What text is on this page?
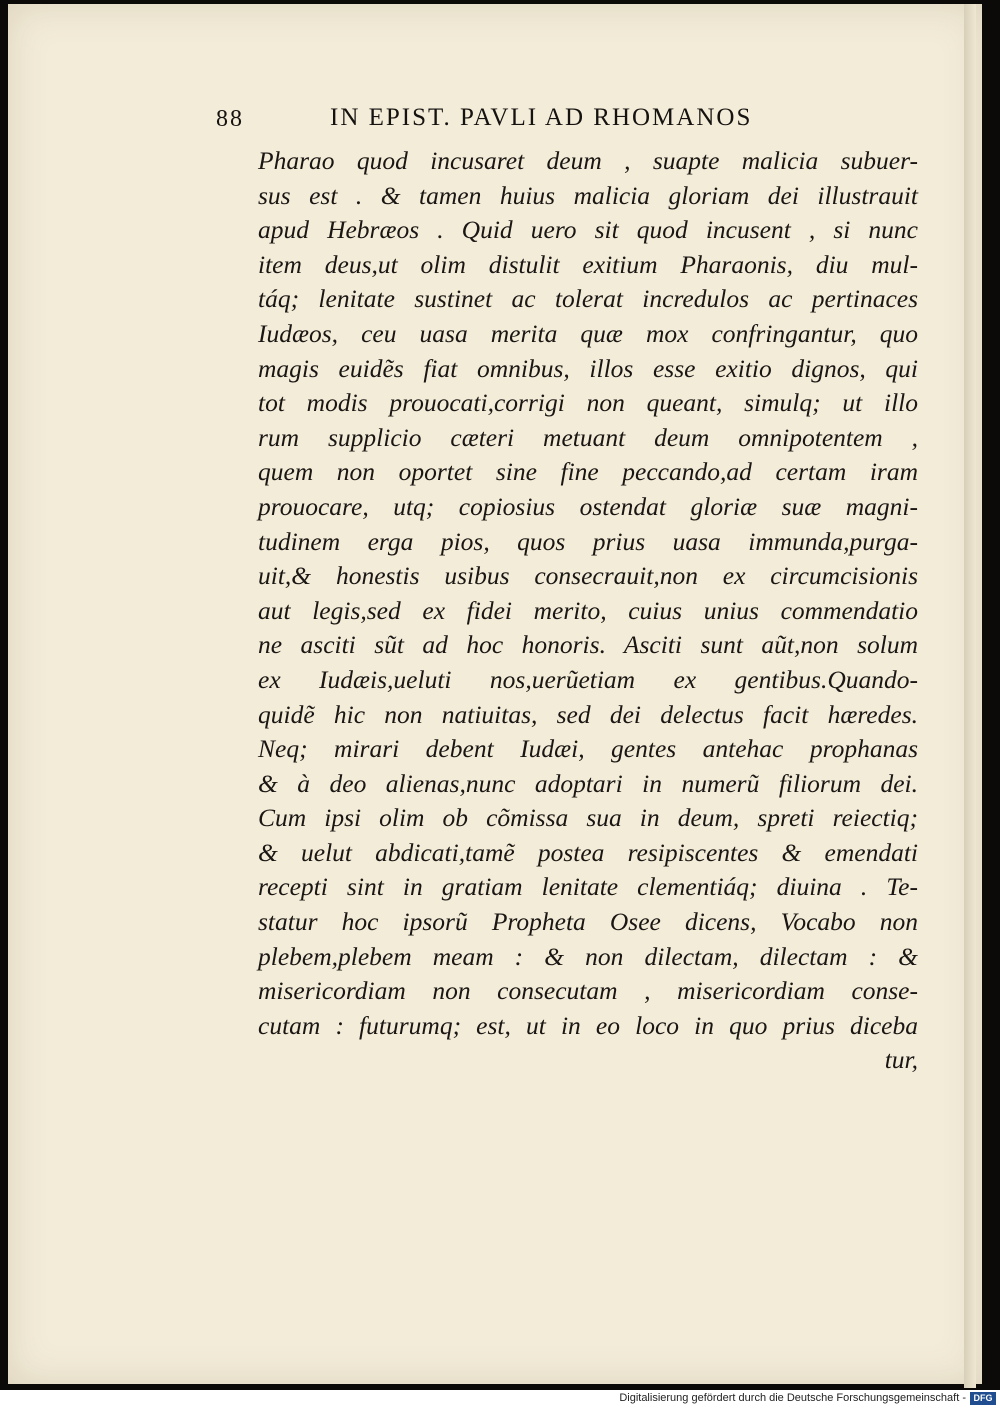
88	IN EPIST. PAVLI AD RHOMANOS
Pharao quod incusaret deum , suapte malicia subuer-
sus est . & tamen huius malicia gloriam dei illustrauit
apud Hebræos . Quid uero sit quod incusent , si nunc
item deus,ut olim distulit exitium Pharaonis, diu mul-
táq; lenitate sustinet ac tolerat incredulos ac pertinaces
Iudæos, ceu uasa merita quæ mox confringantur, quo
magis euidẽs fiat omnibus, illos esse exitio dignos, qui
tot modis prouocati,corrigi non queant, simulq; ut illo
rum supplicio cæteri metuant deum omnipotentem ,
quem non oportet sine fine peccando,ad certam iram
prouocare, utq; copiosius ostendat gloriæ suæ magni-
tudinem erga pios, quos prius uasa immunda,purga-
uit,& honestis usibus consecrauit,non ex circumcisionis
aut legis,sed ex fidei merito, cuius unius commendatio
ne asciti sũt ad hoc honoris. Asciti sunt aũt,non solum
ex Iudæis,ueluti nos,uerũetiam ex gentibus.Quando-
quidẽ hic non natiuitas, sed dei delectus facit hæredes.
Neq; mirari debent Iudæi, gentes antehac prophanas
& à deo alienas,nunc adoptari in numerũ filiorum dei.
Cum ipsi olim ob cõmissa sua in deum, spreti reiectiq;
& uelut abdicati,tamẽ postea resipiscentes & emendati
recepti sint in gratiam lenitate clementiáq; diuina . Te-
statur hoc ipsorũ Propheta Osee dicens, Vocabo non
plebem,plebem meam : & non dilectam, dilectam : &
misericordiam non consecutam , misericordiam conse-
cutam : futurumq; est, ut in eo loco in quo prius diceba
tur,
Digitalisierung gefördert durch die Deutsche Forschungsgemeinschaft - DFG
